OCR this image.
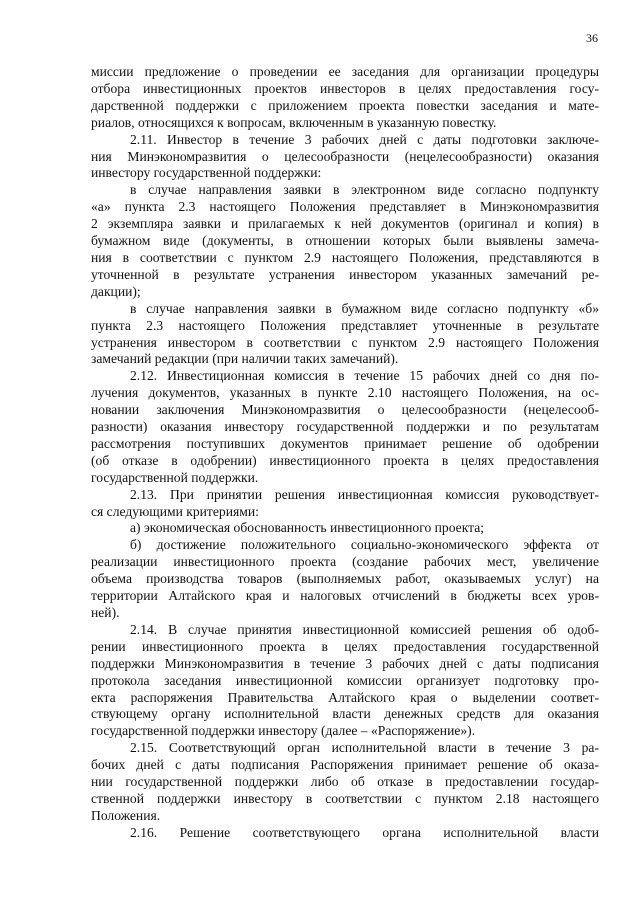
36
миссии предложение о проведении ее заседания для организации процедуры
отбора инвестиционных проектов инвесторов в целях предоставления госу-
дарственной поддержки с приложением проекта повестки заседания и мате-
риалов, относящихся к вопросам, включенным в указанную повестку.
2.11. Инвестор в течение 3 рабочих дней с даты подготовки заключе-
ния Минэкономразвития о целесообразности (нецелесообразности) оказания
инвестору государственной поддержки:
в случае направления заявки в электронном виде согласно подпункту
«а» пункта 2.3 настоящего Положения представляет в Минэкономразвития
2 экземпляра заявки и прилагаемых к ней документов (оригинал и копия) в
бумажном виде (документы, в отношении которых были выявлены замеча-
ния в соответствии с пунктом 2.9 настоящего Положения, представляются в
уточненной в результате устранения инвестором указанных замечаний ре-
дакции);
в случае направления заявки в бумажном виде согласно подпункту «б»
пункта 2.3 настоящего Положения представляет уточненные в результате
устранения инвестором в соответствии с пунктом 2.9 настоящего Положения
замечаний редакции (при наличии таких замечаний).
2.12. Инвестиционная комиссия в течение 15 рабочих дней со дня по-
лучения документов, указанных в пункте 2.10 настоящего Положения, на ос-
новании заключения Минэкономразвития о целесообразности (нецелесооб-
разности) оказания инвестору государственной поддержки и по результатам
рассмотрения поступивших документов принимает решение об одобрении
(об отказе в одобрении) инвестиционного проекта в целях предоставления
государственной поддержки.
2.13. При принятии решения инвестиционная комиссия руководствует-
ся следующими критериями:
а) экономическая обоснованность инвестиционного проекта;
б) достижение положительного социально-экономического эффекта от
реализации инвестиционного проекта (создание рабочих мест, увеличение
объема производства товаров (выполняемых работ, оказываемых услуг) на
территории Алтайского края и налоговых отчислений в бюджеты всех уров-
ней).
2.14. В случае принятия инвестиционной комиссией решения об одоб-
рении инвестиционного проекта в целях предоставления государственной
поддержки Минэкономразвития в течение 3 рабочих дней с даты подписания
протокола заседания инвестиционной комиссии организует подготовку про-
екта распоряжения Правительства Алтайского края о выделении соответ-
ствующему органу исполнительной власти денежных средств для оказания
государственной поддержки инвестору (далее – «Распоряжение»).
2.15. Соответствующий орган исполнительной власти в течение 3 ра-
бочих дней с даты подписания Распоряжения принимает решение об оказа-
нии государственной поддержки либо об отказе в предоставлении государ-
ственной поддержки инвестору в соответствии с пунктом 2.18 настоящего
Положения.
2.16. Решение соответствующего органа исполнительной власти
